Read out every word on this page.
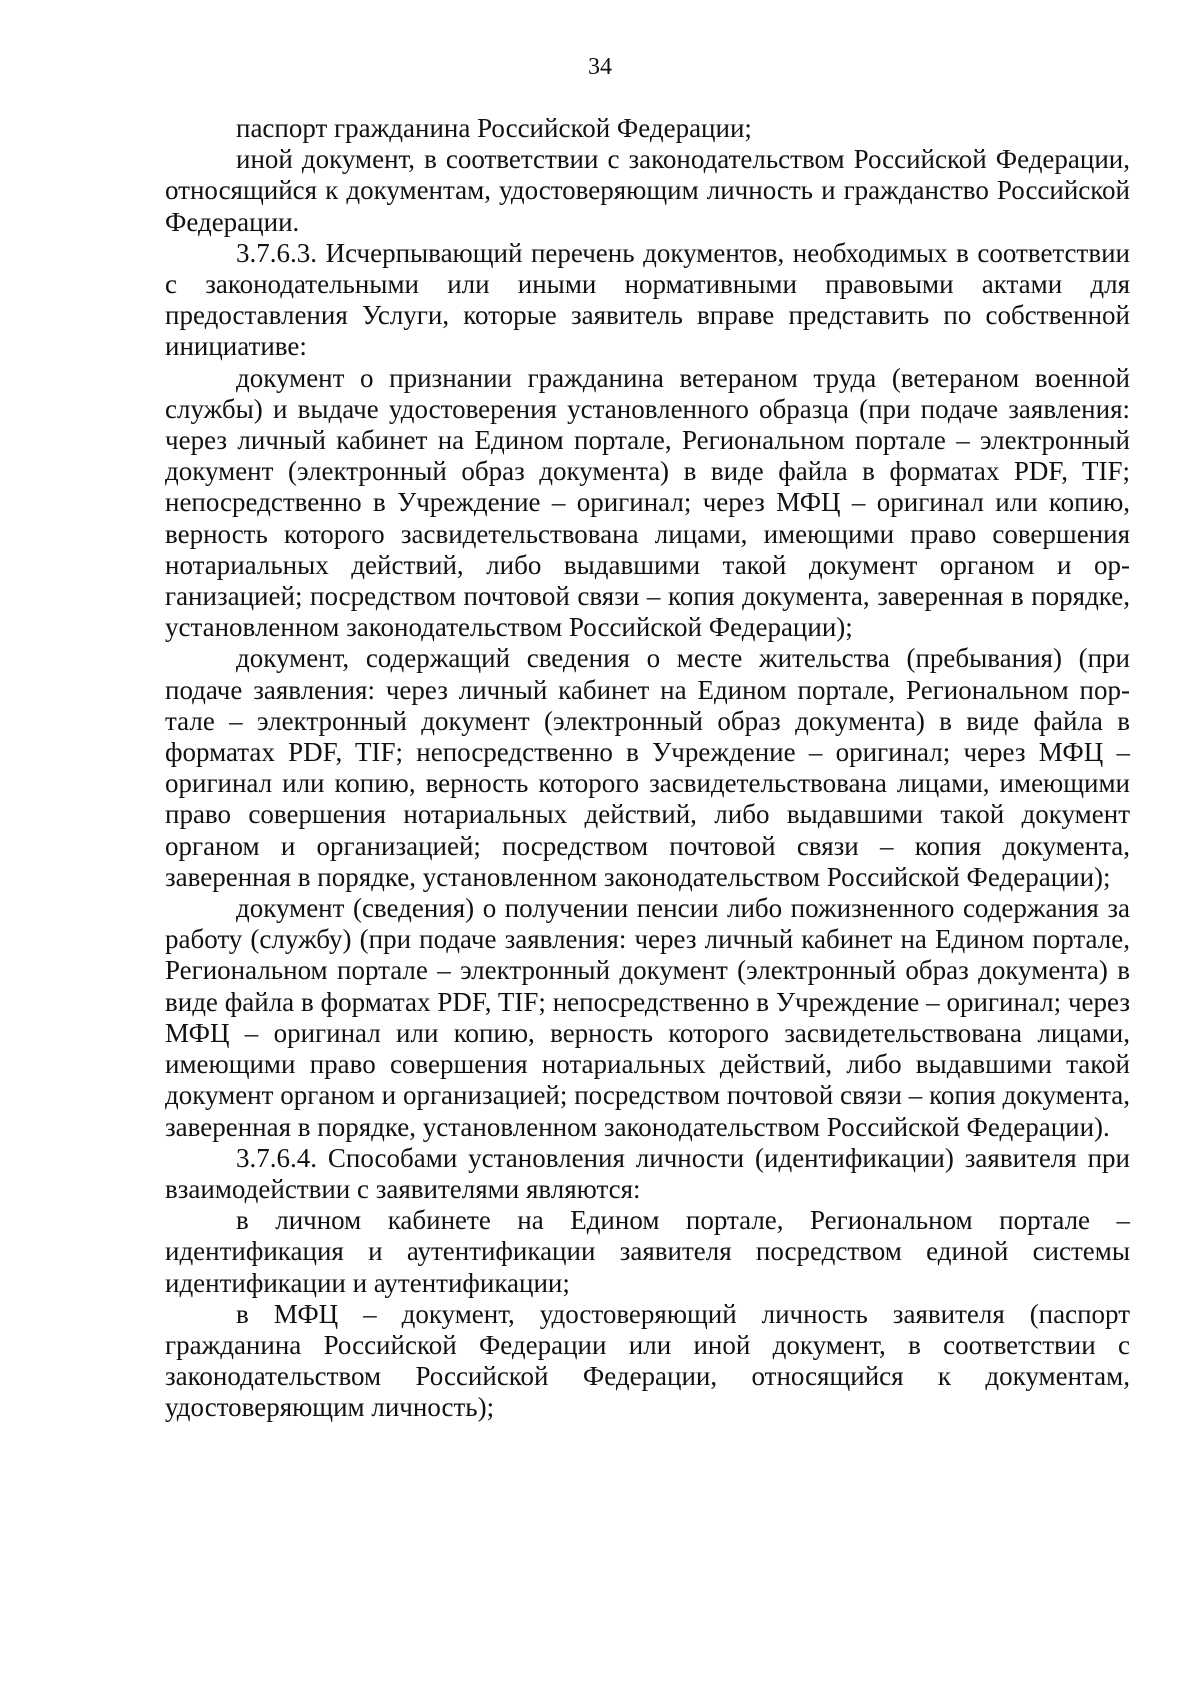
34

паспорт гражданина Российской Федерации;

иной документ, в соответствии с законодательством Российской Федерации, относящийся к документам, удостоверяющим личность и гражданство Российской Федерации.

3.7.6.3. Исчерпывающий перечень документов, необходимых в соответствии с законодательными или иными нормативными правовыми актами для предоставления Услуги, которые заявитель вправе представить по собственной инициативе:

документ о признании гражданина ветераном труда (ветераном военной службы) и выдаче удостоверения установленного образца (при подаче заявления: через личный кабинет на Едином портале, Региональном портале – электронный документ (электронный образ документа) в виде файла в форматах PDF, TIF; непосредственно в Учреждение – оригинал; через МФЦ – оригинал или копию, верность которого засвидетельствована лицами, имеющими право совершения нотариальных действий, либо выдавшими такой документ органом и организацией; посредством почтовой связи – копия документа, заверенная в порядке, установленном законодательством Российской Федерации);

документ, содержащий сведения о месте жительства (пребывания) (при подаче заявления: через личный кабинет на Едином портале, Региональном портале – электронный документ (электронный образ документа) в виде файла в форматах PDF, TIF; непосредственно в Учреждение – оригинал; через МФЦ – оригинал или копию, верность которого засвидетельствована лицами, имеющими право совершения нотариальных действий, либо выдавшими такой документ органом и организацией; посредством почтовой связи – копия документа, заверенная в порядке, установленном законодательством Российской Федерации);

документ (сведения) о получении пенсии либо пожизненного содержания за работу (службу) (при подаче заявления: через личный кабинет на Едином портале, Региональном портале – электронный документ (электронный образ документа) в виде файла в форматах PDF, TIF; непосредственно в Учреждение – оригинал; через МФЦ – оригинал или копию, верность которого засвидетельствована лицами, имеющими право совершения нотариальных действий, либо выдавшими такой документ органом и организацией; посредством почтовой связи – копия документа, заверенная в порядке, установленном законодательством Российской Федерации).

3.7.6.4. Способами установления личности (идентификации) заявителя при взаимодействии с заявителями являются:

в личном кабинете на Едином портале, Региональном портале – идентификация и аутентификации заявителя посредством единой системы идентификации и аутентификации;

в МФЦ – документ, удостоверяющий личность заявителя (паспорт гражданина Российской Федерации или иной документ, в соответствии с законодательством Российской Федерации, относящийся к документам, удостоверяющим личность);
